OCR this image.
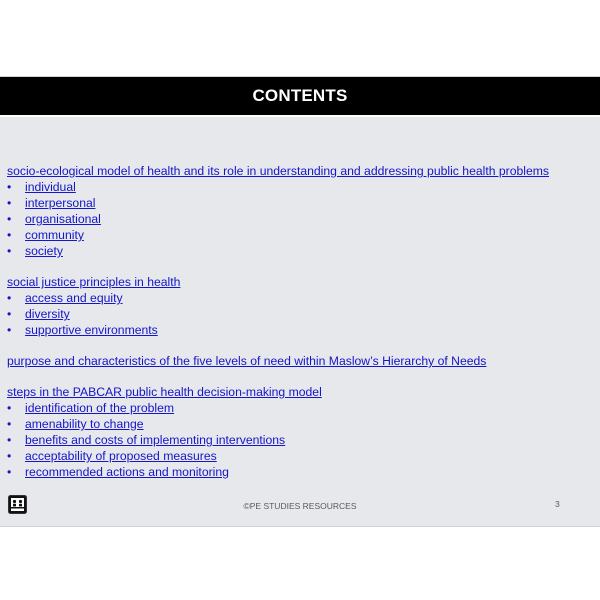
CONTENTS
socio-ecological model of health and its role in understanding and addressing public health problems
•	individual
•	interpersonal
•	organisational
•	community
•	society
social justice principles in health
•	access and equity
•	diversity
•	supportive environments
purpose and characteristics of the five levels of need within Maslow’s Hierarchy of Needs
steps in the PABCAR public health decision-making model
•	identification of the problem
•	amenability to change
•	benefits and costs of implementing interventions
•	acceptability of proposed measures
•	recommended actions and monitoring
©PE STUDIES RESOURCES	3
